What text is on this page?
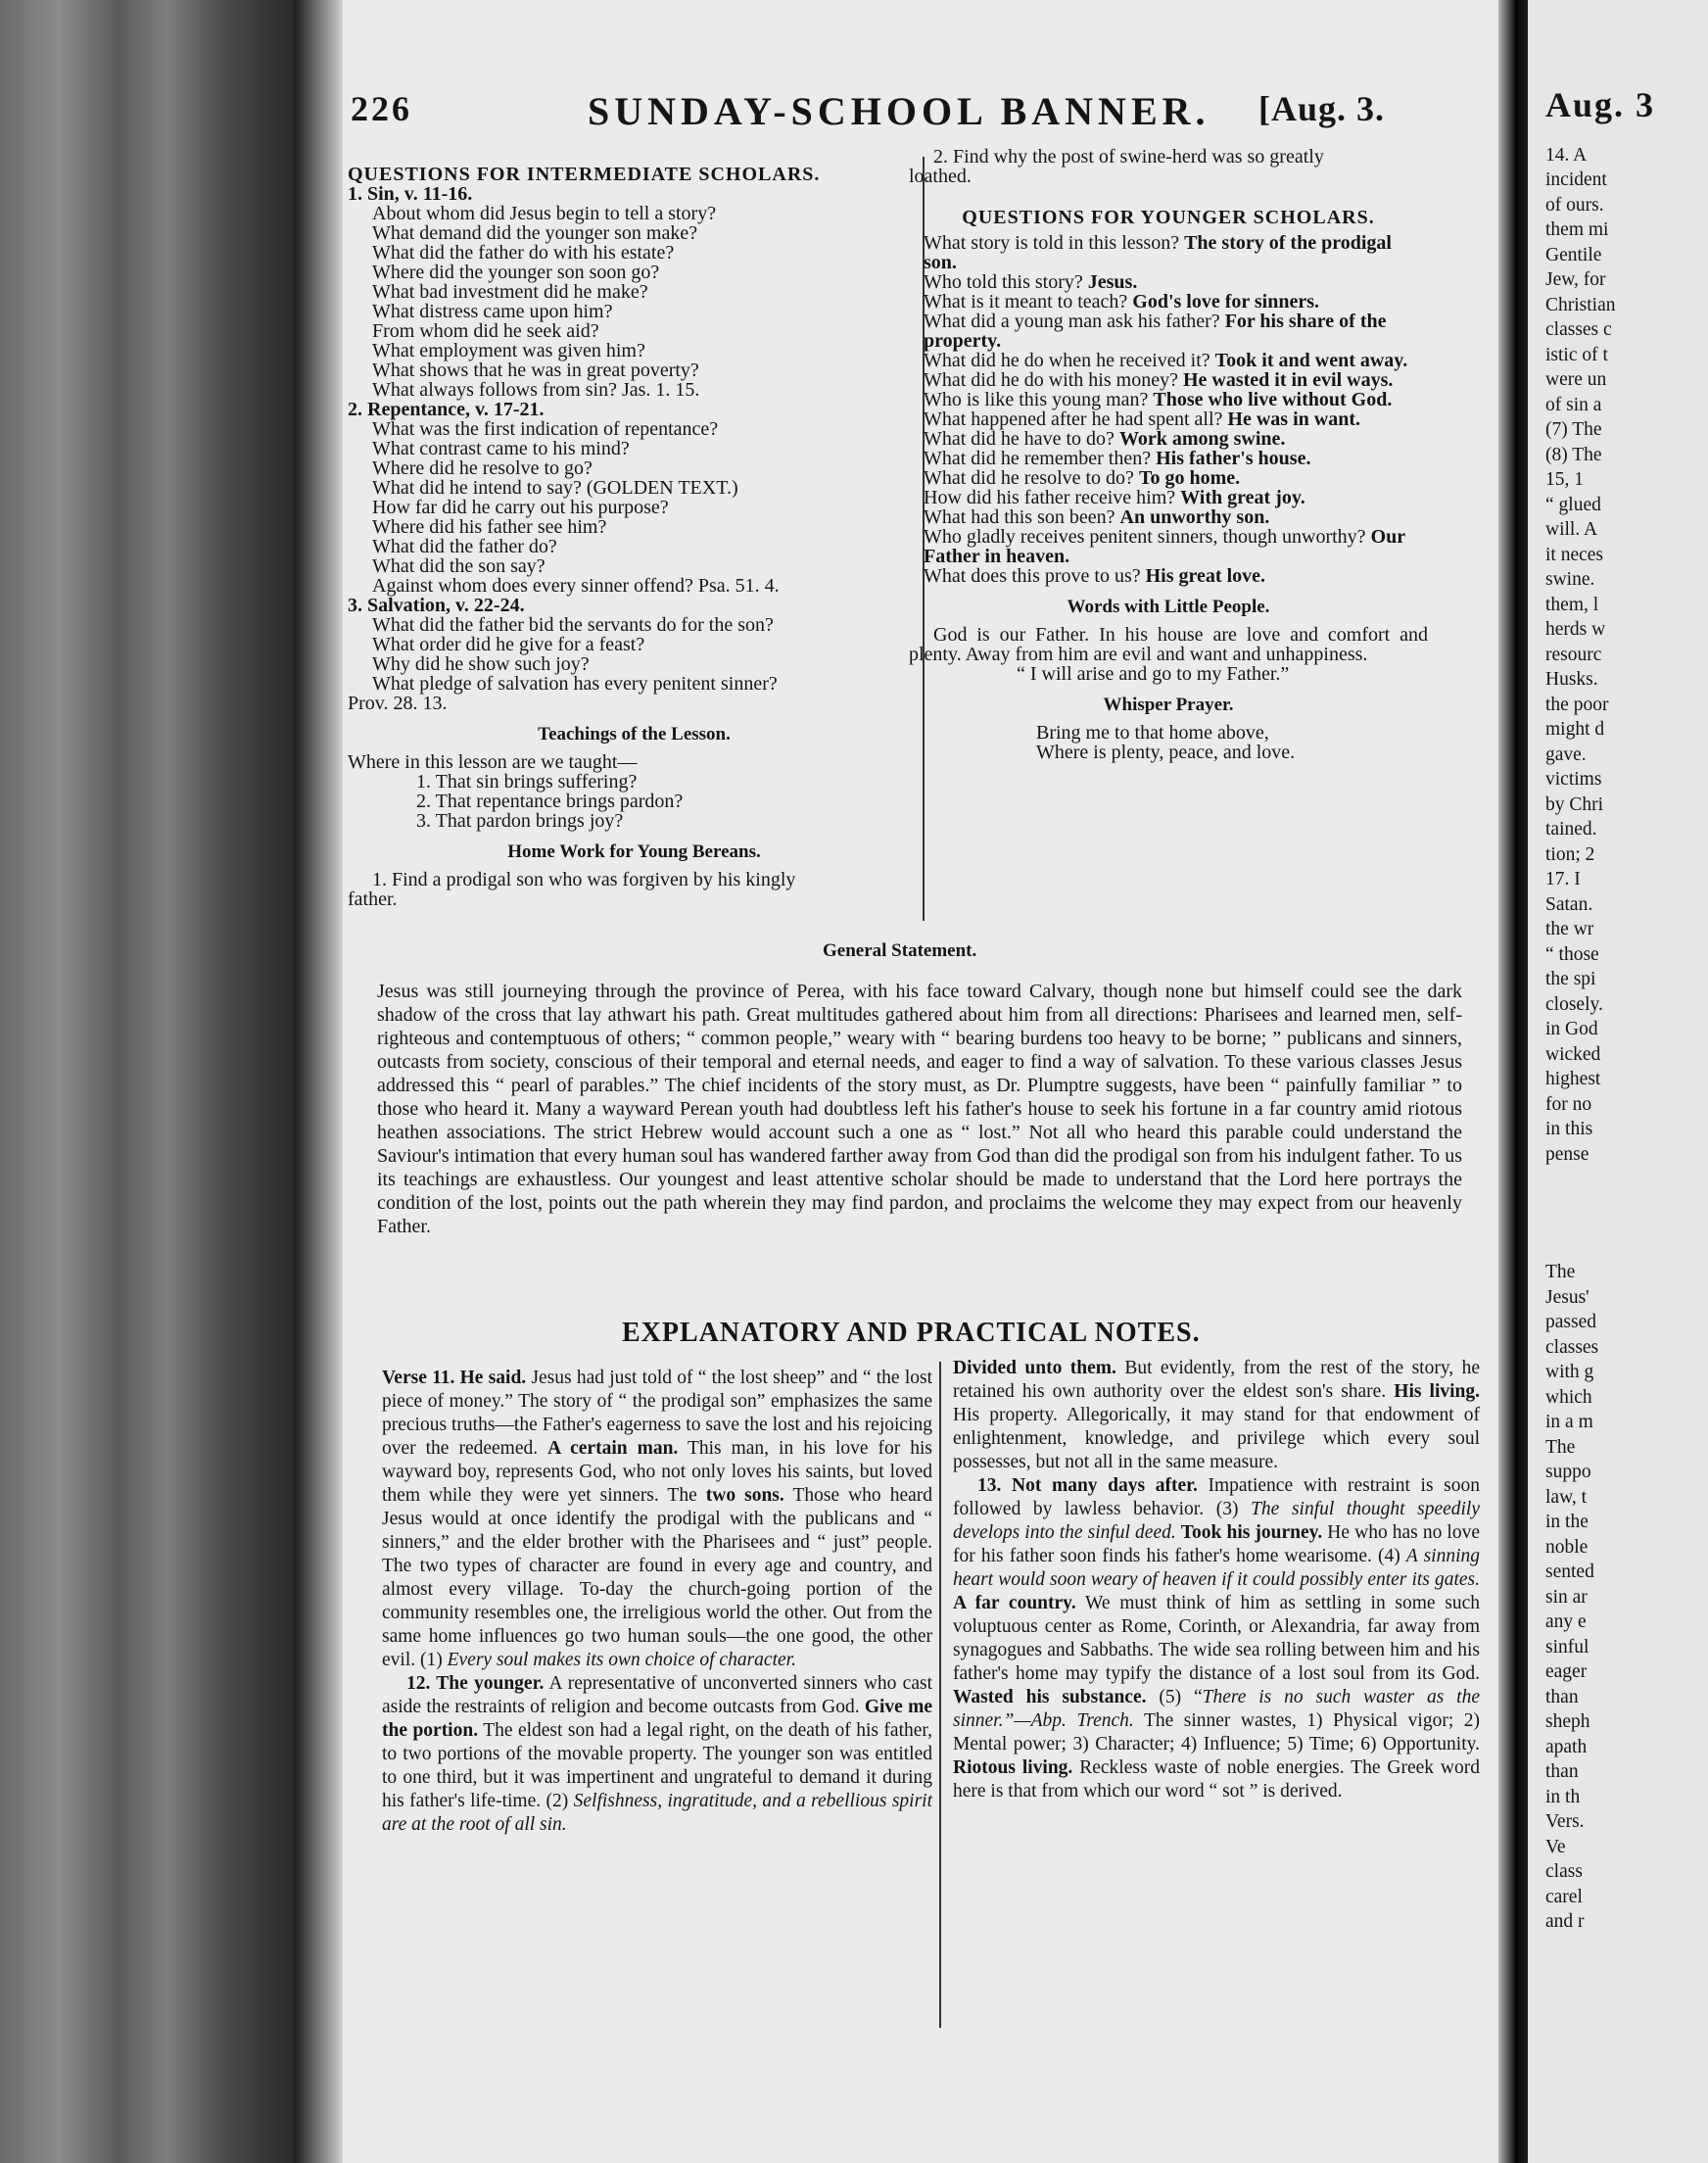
226	SUNDAY-SCHOOL BANNER. [Aug. 3.
QUESTIONS FOR INTERMEDIATE SCHOLARS.
1. Sin, v. 11-16.
About whom did Jesus begin to tell a story?
What demand did the younger son make?
What did the father do with his estate?
Where did the younger son soon go?
What bad investment did he make?
What distress came upon him?
From whom did he seek aid?
What employment was given him?
What shows that he was in great poverty?
What always follows from sin? Jas. 1. 15.
2. Repentance, v. 17-21.
What was the first indication of repentance?
What contrast came to his mind?
Where did he resolve to go?
What did he intend to say? (GOLDEN TEXT.)
How far did he carry out his purpose?
Where did his father see him?
What did the father do?
What did the son say?
Against whom does every sinner offend? Psa. 51. 4.
3. Salvation, v. 22-24.
What did the father bid the servants do for the son?
What order did he give for a feast?
Why did he show such joy?
What pledge of salvation has every penitent sinner?
Prov. 28. 13.
Teachings of the Lesson.
Where in this lesson are we taught—
1. That sin brings suffering?
2. That repentance brings pardon?
3. That pardon brings joy?
Home Work for Young Bereans.
1. Find a prodigal son who was forgiven by his kingly
father.
2. Find why the post of swine-herd was so greatly
loathed.
QUESTIONS FOR YOUNGER SCHOLARS.
What story is told in this lesson? The story of the prodigal son.
Who told this story? Jesus.
What is it meant to teach? God's love for sinners.
What did a young man ask his father? For his share of the property.
What did he do when he received it? Took it and went away.
What did he do with his money? He wasted it in evil ways.
Who is like this young man? Those who live without God.
What happened after he had spent all? He was in want.
What did he have to do? Work among swine.
What did he remember then? His father's house.
What did he resolve to do? To go home.
How did his father receive him? With great joy.
What had this son been? An unworthy son.
Who gladly receives penitent sinners, though unworthy? Our Father in heaven.
What does this prove to us? His great love.
Words with Little People.
God is our Father. In his house are love and comfort and plenty. Away from him are evil and want and unhappiness.
“ I will arise and go to my Father.”
Whisper Prayer.
Bring me to that home above,
Where is plenty, peace, and love.
General Statement.
Jesus was still journeying through the province of Perea, with his face toward Calvary, though none but himself could see the dark shadow of the cross that lay athwart his path. Great multitudes gathered about him from all directions: Pharisees and learned men, self-righteous and contemptuous of others; “ common people,” weary with “ bearing burdens too heavy to be borne; ” publicans and sinners, outcasts from society, conscious of their temporal and eternal needs, and eager to find a way of salvation. To these various classes Jesus addressed this “ pearl of parables.” The chief incidents of the story must, as Dr. Plumptre suggests, have been “ painfully familiar ” to those who heard it. Many a wayward Perean youth had doubtless left his father's house to seek his fortune in a far country amid riotous heathen associations. The strict Hebrew would account such a one as “ lost.” Not all who heard this parable could understand the Saviour's intimation that every human soul has wandered farther away from God than did the prodigal son from his indulgent father. To us its teachings are exhaustless. Our youngest and least attentive scholar should be made to understand that the Lord here portrays the condition of the lost, points out the path wherein they may find pardon, and proclaims the welcome they may expect from our heavenly Father.
EXPLANATORY AND PRACTICAL NOTES.
Verse 11. He said. Jesus had just told of “ the lost sheep” and “ the lost piece of money.” The story of “ the prodigal son” emphasizes the same precious truths—the Father's eagerness to save the lost and his rejoicing over the redeemed. A certain man. This man, in his love for his wayward boy, represents God, who not only loves his saints, but loved them while they were yet sinners. The two sons. Those who heard Jesus would at once identify the prodigal with the publicans and “ sinners,” and the elder brother with the Pharisees and “ just” people. The two types of character are found in every age and country, and almost every village. To-day the church-going portion of the community resembles one, the irreligious world the other. Out from the same home influences go two human souls—the one good, the other evil. (1) Every soul makes its own choice of character.
12. The younger. A representative of unconverted sinners who cast aside the restraints of religion and become outcasts from God. Give me the portion. The eldest son had a legal right, on the death of his father, to two portions of the movable property. The younger son was entitled to one third, but it was impertinent and ungrateful to demand it during his father's life-time. (2) Selfishness, ingratitude, and a rebellious spirit are at the root of all sin.
Divided unto them. But evidently, from the rest of the story, he retained his own authority over the eldest son's share. His living. His property. Allegorically, it may stand for that endowment of enlightenment, knowledge, and privilege which every soul possesses, but not all in the same measure.
13. Not many days after. Impatience with restraint is soon followed by lawless behavior. (3) The sinful thought speedily develops into the sinful deed. Took his journey. He who has no love for his father soon finds his father's home wearisome. (4) A sinning heart would soon weary of heaven if it could possibly enter its gates. A far country. We must think of him as settling in some such voluptuous center as Rome, Corinth, or Alexandria, far away from synagogues and Sabbaths. The wide sea rolling between him and his father's home may typify the distance of a lost soul from its God. Wasted his substance. (5) “There is no such waster as the sinner.”—Abp. Trench. The sinner wastes, 1) Physical vigor; 2) Mental power; 3) Character; 4) Influence; 5) Time; 6) Opportunity. Riotous living. Reckless waste of noble energies. The Greek word here is that from which our word “ sot ” is derived.
Aug. 3
14. A
incident
of ours.
them mi
Gentile
Jew, for
Christian
classes c
istic of t
were un
of sin a
(7) The
(8) The
15, 1
“ glued
will. A
it neces
swine.
them, l
herds w
resourc
Husks.
the poor
might d
gave.
victims
by Chri
tained.
tion; 2
17. I
Satan.
the wr
“ those
the spi
closely.
in God
wicked
highest
for no
in this
pense
The
Jesus'
passed
classes
with g
which
in a m
The
suppo
law, t
in the
noble
sented
sin ar
any e
sinful
eager
than
sheph
apath
than
in th
Vers.
Ve
class
carel
and r
